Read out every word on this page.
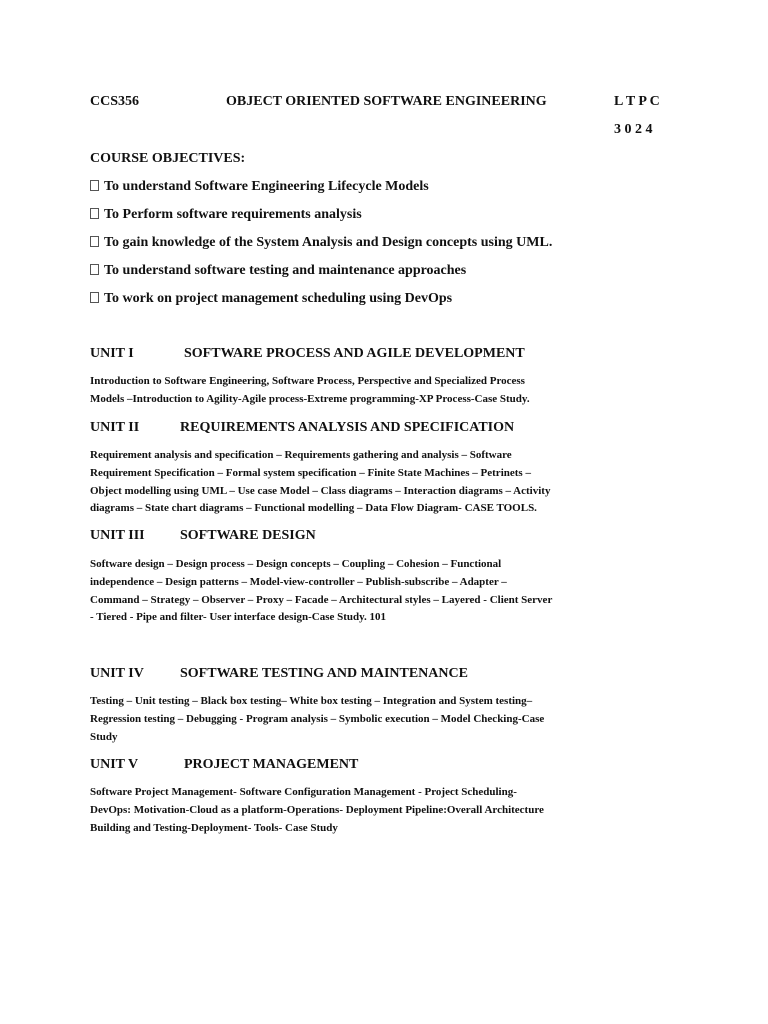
CCS356	OBJECT ORIENTED SOFTWARE ENGINEERING	L T P C
3 0 2 4
COURSE OBJECTIVES:
To understand Software Engineering Lifecycle Models
To Perform software requirements analysis
To gain knowledge of the System Analysis and Design concepts using UML.
To understand software testing and maintenance approaches
To work on project management scheduling using DevOps
UNIT I	SOFTWARE PROCESS AND AGILE DEVELOPMENT
Introduction to Software Engineering, Software Process, Perspective and Specialized Process
Models –Introduction to Agility-Agile process-Extreme programming-XP Process-Case Study.
UNIT II	REQUIREMENTS ANALYSIS AND SPECIFICATION
Requirement analysis and specification – Requirements gathering and analysis – Software
Requirement Specification – Formal system specification – Finite State Machines – Petrinets –
Object modelling using UML – Use case Model – Class diagrams – Interaction diagrams – Activity
diagrams – State chart diagrams – Functional modelling – Data Flow Diagram- CASE TOOLS.
UNIT III	SOFTWARE DESIGN
Software design – Design process – Design concepts – Coupling – Cohesion – Functional
independence – Design patterns – Model-view-controller – Publish-subscribe – Adapter –
Command – Strategy – Observer – Proxy – Facade – Architectural styles – Layered - Client Server
- Tiered - Pipe and filter- User interface design-Case Study. 101
UNIT IV	SOFTWARE TESTING AND MAINTENANCE
Testing – Unit testing – Black box testing– White box testing – Integration and System testing–
Regression testing – Debugging - Program analysis – Symbolic execution – Model Checking-Case
Study
UNIT V	PROJECT MANAGEMENT
Software Project Management- Software Configuration Management - Project Scheduling-
DevOps: Motivation-Cloud as a platform-Operations- Deployment Pipeline:Overall Architecture
Building and Testing-Deployment- Tools- Case Study
